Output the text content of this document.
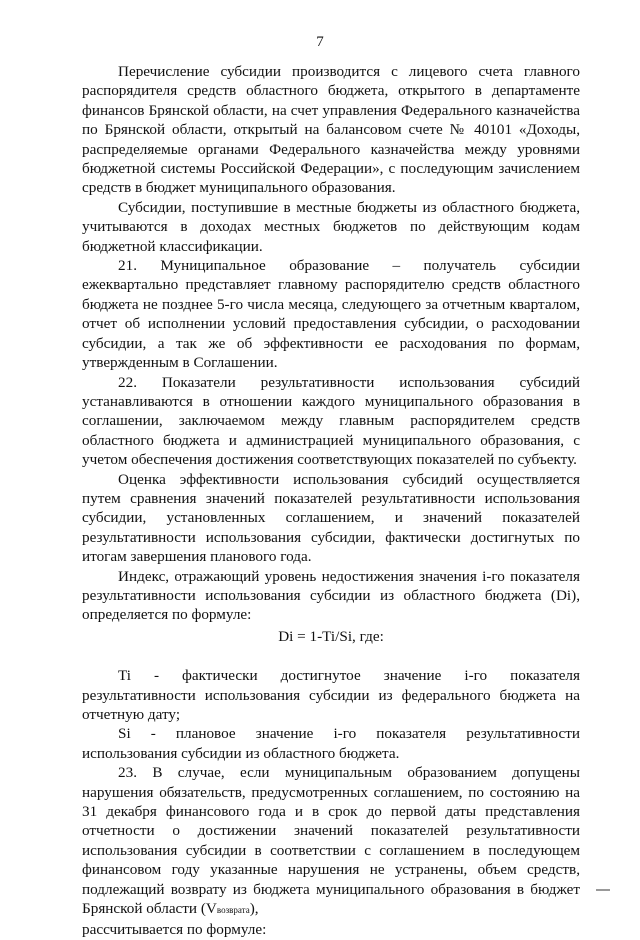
7

Перечисление субсидии производится с лицевого счета главного распорядителя средств областного бюджета, открытого в департаменте финансов Брянской области, на счет управления Федерального казначейства по Брянской области, открытый на балансовом счете № 40101 «Доходы, распределяемые органами Федерального казначейства между уровнями бюджетной системы Российской Федерации», с последующим зачислением средств в бюджет муниципального образования.

Субсидии, поступившие в местные бюджеты из областного бюджета, учитываются в доходах местных бюджетов по действующим кодам бюджетной классификации.

21. Муниципальное образование – получатель субсидии ежеквартально представляет главному распорядителю средств областного бюджета не позднее 5-го числа месяца, следующего за отчетным кварталом, отчет об исполнении условий предоставления субсидии, о расходовании субсидии, а так же об эффективности ее расходования по формам, утвержденным в Соглашении.

22. Показатели результативности использования субсидий устанавливаются в отношении каждого муниципального образования в соглашении, заключаемом между главным распорядителем средств областного бюджета и администрацией муниципального образования, с учетом обеспечения достижения соответствующих показателей по субъекту.

Оценка эффективности использования субсидий осуществляется путем сравнения значений показателей результативности использования субсидии, установленных соглашением, и значений показателей результативности использования субсидии, фактически достигнутых по итогам завершения планового года.

Индекс, отражающий уровень недостижения значения i-го показателя результативности использования субсидии из областного бюджета (Di), определяется по формуле:

Di = 1-Ti/Si, где:

Ti - фактически достигнутое значение i-го показателя результативности использования субсидии из федерального бюджета на отчетную дату;

Si - плановое значение i-го показателя результативности использования субсидии из областного бюджета.

23. В случае, если муниципальным образованием допущены нарушения обязательств, предусмотренных соглашением, по состоянию на 31 декабря финансового года и в срок до первой даты представления отчетности о достижении значений показателей результативности использования субсидии в соответствии с соглашением в последующем финансовом году указанные нарушения не устранены, объем средств, подлежащий возврату из бюджета муниципального образования в бюджет Брянской области (Vвозврата),

рассчитывается по формуле:
